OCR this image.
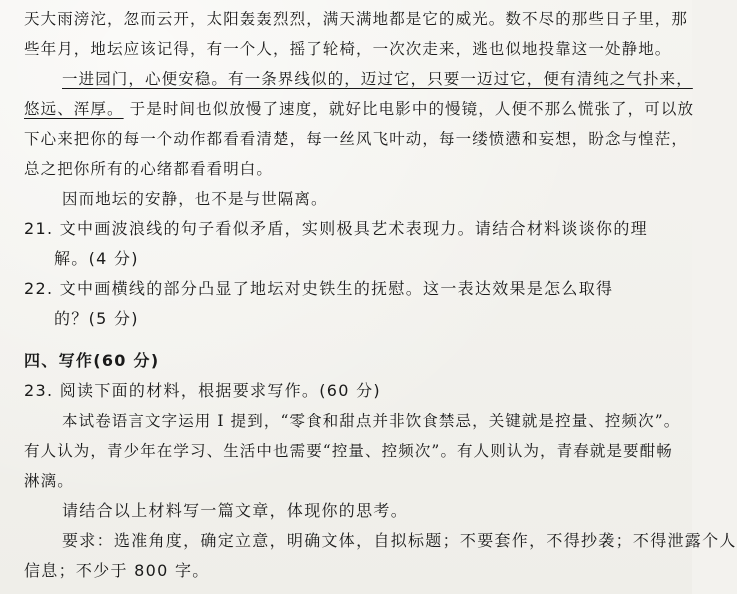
天大雨滂沱，忽而云开，太阳轰轰烈烈，满天满地都是它的威光。数不尽的那些日子里，那
些年月，地坛应该记得，有一个人，摇了轮椅，一次次走来，逃也似地投靠这一处静地。
一进园门，心便安稳。有一条界线似的，迈过它，只要一迈过它，便有清纯之气扑来，
悠远、浑厚。 于是时间也似放慢了速度，就好比电影中的慢镜，人便不那么慌张了，可以放
下心来把你的每一个动作都看看清楚，每一丝风飞叶动，每一缕愤懑和妄想，盼念与惶茫，
总之把你所有的心绪都看看明白。
因而地坛的安静，也不是与世隔离。
21. 文中画波浪线的句子看似矛盾，实则极具艺术表现力。请结合材料谈谈你的理
解。(4 分)
22. 文中画横线的部分凸显了地坛对史铁生的抚慰。这一表达效果是怎么取得
的？(5 分)
四、写作(60 分)
23. 阅读下面的材料，根据要求写作。(60 分)
本试卷语言文字运用 I 提到，“零食和甜点并非饮食禁忌，关键就是控量、控频次”。
有人认为，青少年在学习、生活中也需要“控量、控频次”。有人则认为，青春就是要酣畅
淋漓。
请结合以上材料写一篇文章，体现你的思考。
要求：选准角度，确定立意，明确文体，自拟标题；不要套作，不得抄袭；不得泄露个人
信息；不少于 800 字。
